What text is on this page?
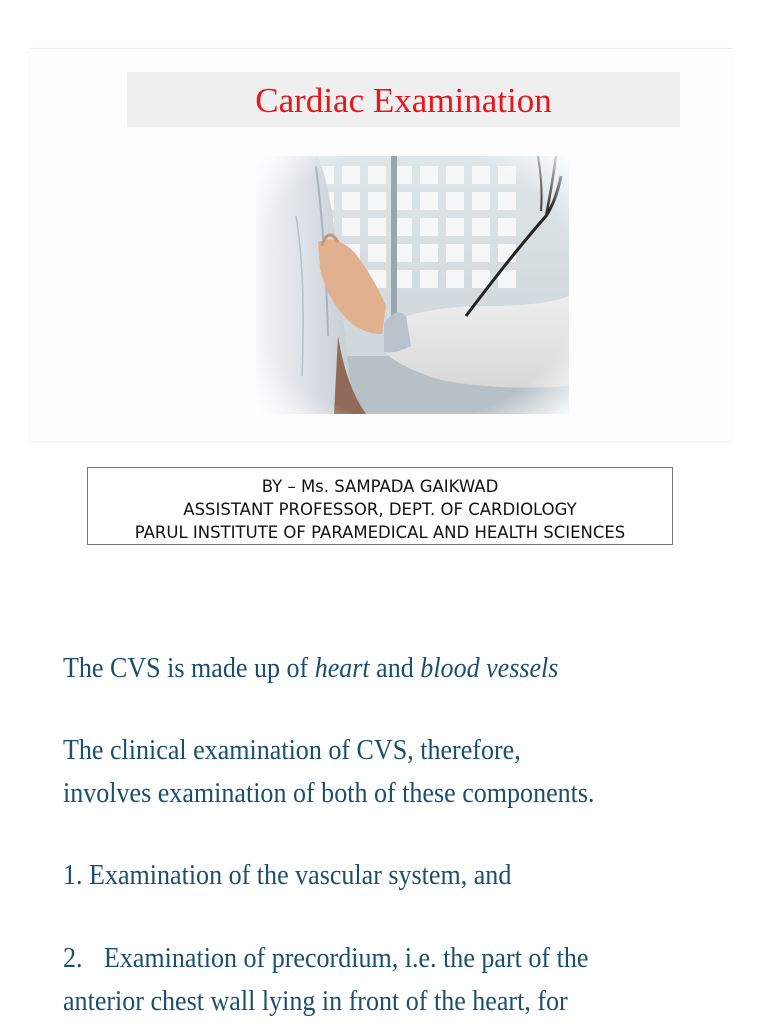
Cardiac Examination
BY – Ms. SAMPADA GAIKWAD
ASSISTANT PROFESSOR, DEPT. OF CARDIOLOGY
PARUL INSTITUTE OF PARAMEDICAL AND HEALTH SCIENCES

The CVS is made up of heart and blood vessels

The clinical examination of CVS, therefore,

involves examination of both of these components.

1. Examination of the vascular system, and

2. Examination of precordium, i.e. the part of the

anterior chest wall lying in front of the heart, for
